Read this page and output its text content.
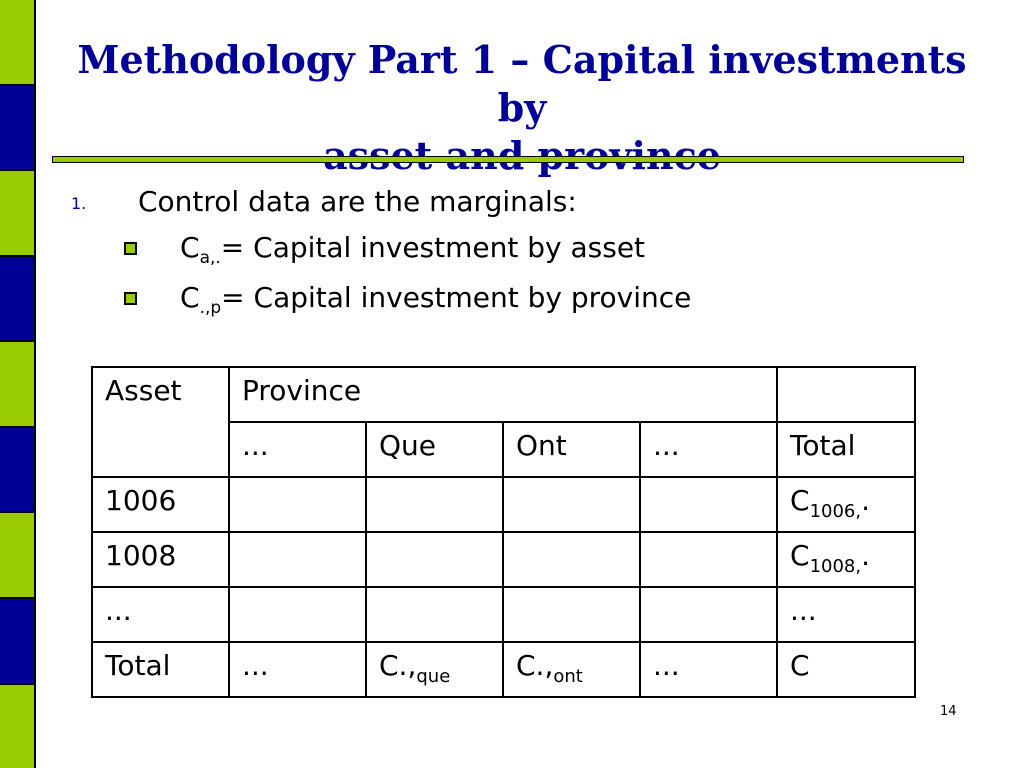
Methodology Part 1 – Capital investments by

1. Control data are the marginals:
$C_{a,.}=$ Capital investment by asset
$C_{.,p}=$ Capital investment by province
Asset	Province				
	...	Que	Ont	...	Total
1006					$C_{1006,}$.
1008					$C_{1008,}$.
...					...
Total	...	$C.,_{que}$	$C.,_{ont}$	...	C
14
